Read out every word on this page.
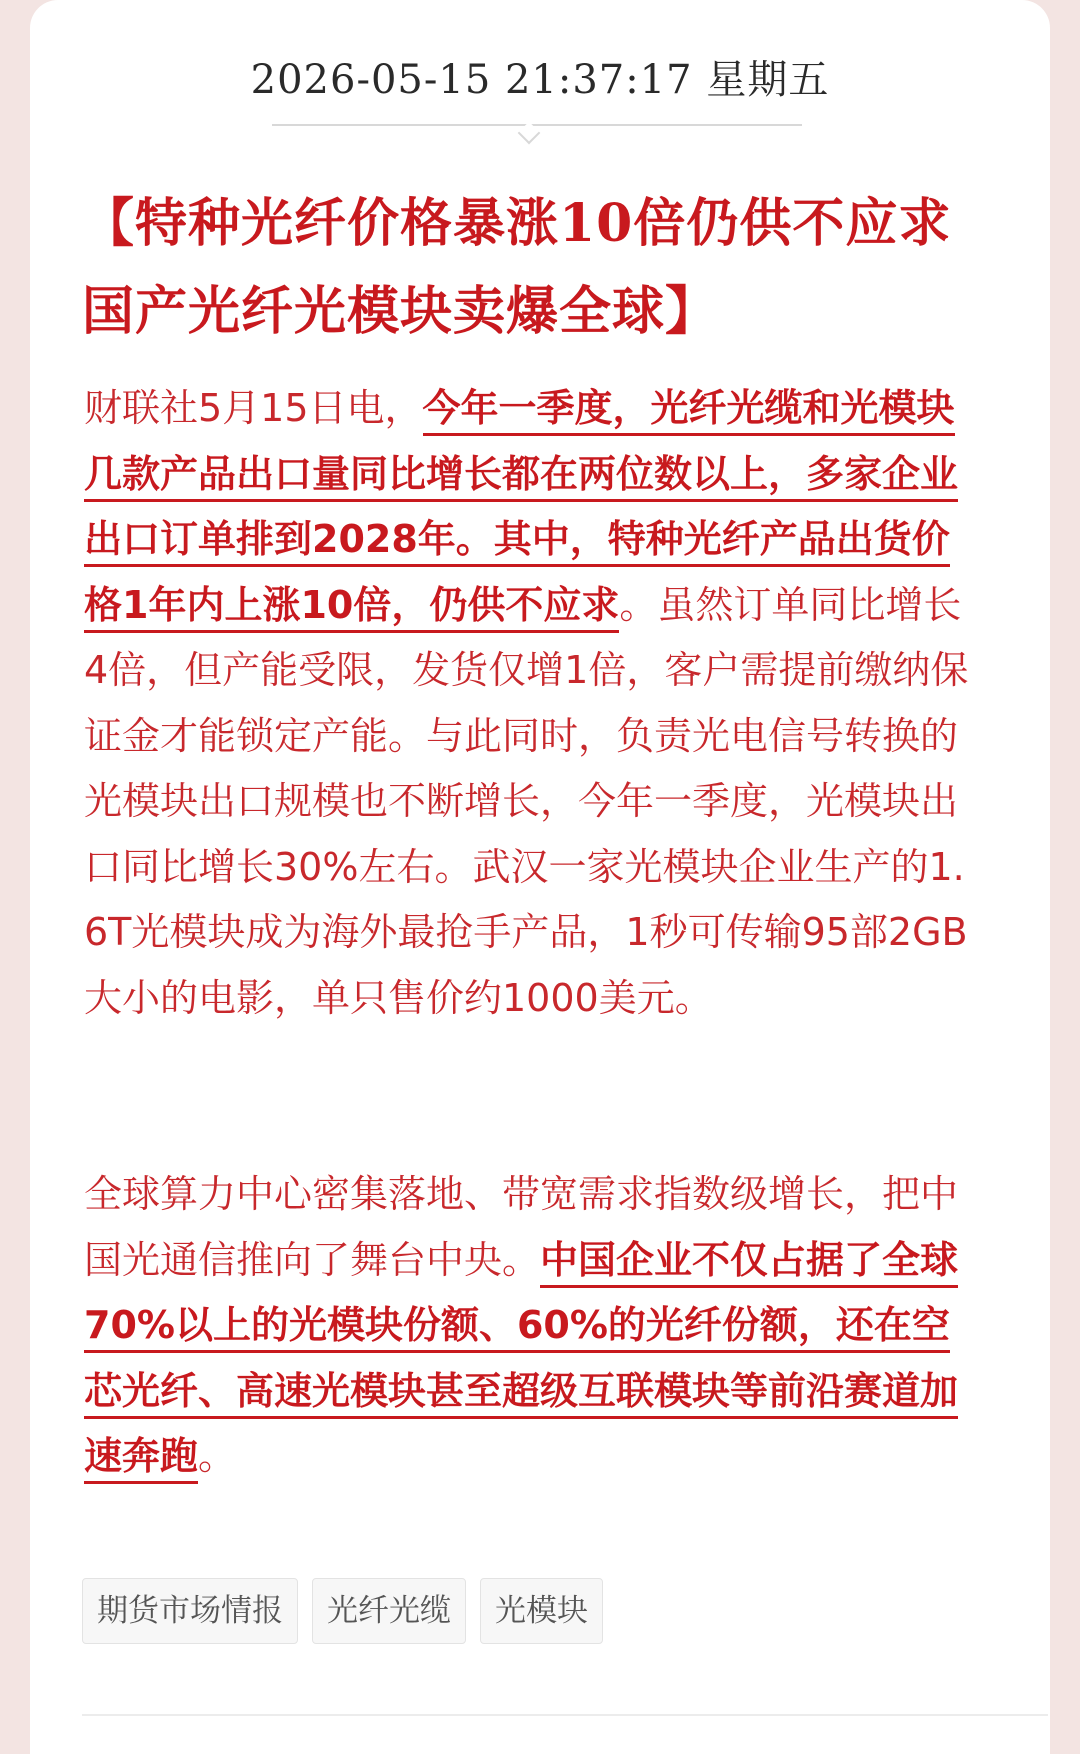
2026-05-15 21:37:17 星期五
【特种光纤价格暴涨10倍仍供不应求 国产光纤光模块卖爆全球】

财联社5月15日电，今年一季度，光纤光缆和光模块几款产品出口量同比增长都在两位数以上，多家企业出口订单排到2028年。其中，特种光纤产品出货价格1年内上涨10倍，仍供不应求。虽然订单同比增长4倍，但产能受限，发货仅增1倍，客户需提前缴纳保证金才能锁定产能。与此同时，负责光电信号转换的光模块出口规模也不断增长，今年一季度，光模块出口同比增长30%左右。武汉一家光模块企业生产的1.6T光模块成为海外最抢手产品，1秒可传输95部2GB大小的电影，单只售价约1000美元。

全球算力中心密集落地、带宽需求指数级增长，把中国光通信推向了舞台中央。中国企业不仅占据了全球70%以上的光模块份额、60%的光纤份额，还在空芯光纤、高速光模块甚至超级互联模块等前沿赛道加速奔跑。

期货市场情报	光纤光缆	光模块
